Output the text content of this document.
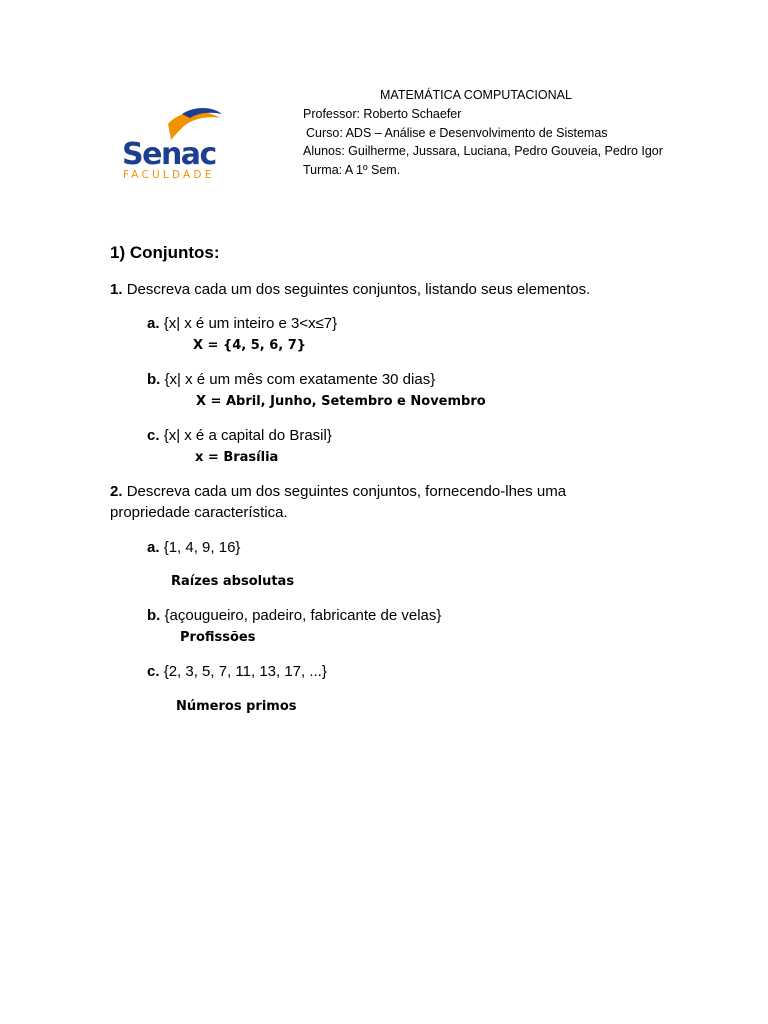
Senac
FACULDADE
MATEMÁTICA COMPUTACIONAL
Professor: Roberto Schaefer
Curso: ADS – Análise e Desenvolvimento de Sistemas
Alunos: Guilherme, Jussara, Luciana, Pedro Gouveia, Pedro Igor
Turma: A 1º Sem.
1) Conjuntos:
1. Descreva cada um dos seguintes conjuntos, listando seus elementos.
a. {x| x é um inteiro e 3<x≤7}
X = {4, 5, 6, 7}
b. {x| x é um mês com exatamente 30 dias}
X = Abril, Junho, Setembro e Novembro
c. {x| x é a capital do Brasil}
x = Brasília
2. Descreva cada um dos seguintes conjuntos, fornecendo-lhes uma
propriedade característica.
a. {1, 4, 9, 16}
Raízes absolutas
b. {açougueiro, padeiro, fabricante de velas}
Profissões
c. {2, 3, 5, 7, 11, 13, 17, ...}
Números primos
